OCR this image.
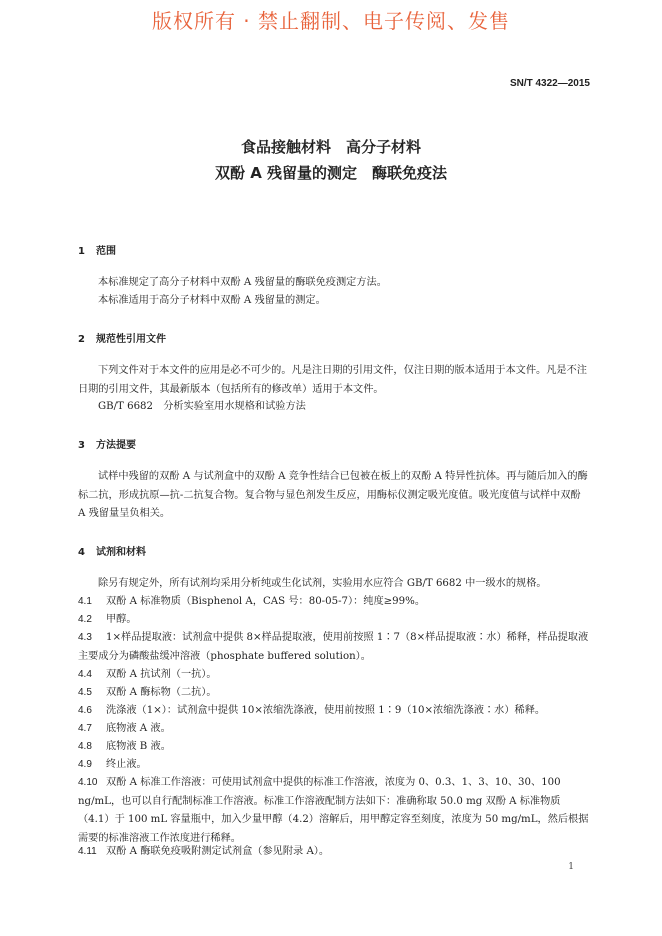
版权所有 · 禁止翻制、电子传阅、发售
SN/T 4322—2015
食品接触材料　高分子材料
双酚 A 残留量的测定　酶联免疫法
1 范围
本标准规定了高分子材料中双酚 A 残留量的酶联免疫测定方法。
本标准适用于高分子材料中双酚 A 残留量的测定。
2 规范性引用文件
下列文件对于本文件的应用是必不可少的。凡是注日期的引用文件，仅注日期的版本适用于本文件。凡是不注日期的引用文件，其最新版本（包括所有的修改单）适用于本文件。
GB/T 6682　分析实验室用水规格和试验方法
3 方法提要
试样中残留的双酚 A 与试剂盒中的双酚 A 竞争性结合已包被在板上的双酚 A 特异性抗体。再与随后加入的酶标二抗，形成抗原—抗-二抗复合物。复合物与显色剂发生反应，用酶标仪测定吸光度值。吸光度值与试样中双酚 A 残留量呈负相关。
4 试剂和材料
除另有规定外，所有试剂均采用分析纯或生化试剂，实验用水应符合 GB/T 6682 中一级水的规格。
4.1 双酚 A 标准物质（Bisphenol A，CAS 号：80-05-7）：纯度≥99%。
4.2 甲醇。
4.3 1×样品提取液：试剂盒中提供 8×样品提取液，使用前按照 1∶7（8×样品提取液∶水）稀释，样品提取液主要成分为磷酸盐缓冲溶液（phosphate buffered solution）。
4.4 双酚 A 抗试剂（一抗）。
4.5 双酚 A 酶标物（二抗）。
4.6 洗涤液（1×）：试剂盒中提供 10×浓缩洗涤液，使用前按照 1∶9（10×浓缩洗涤液∶水）稀释。
4.7 底物液 A 液。
4.8 底物液 B 液。
4.9 终止液。
4.10 双酚 A 标准工作溶液：可使用试剂盒中提供的标准工作溶液，浓度为 0、0.3、1、3、10、30、100 ng/mL，也可以自行配制标准工作溶液。标准工作溶液配制方法如下：准确称取 50.0 mg 双酚 A 标准物质（4.1）于 100 mL 容量瓶中，加入少量甲醇（4.2）溶解后，用甲醇定容至刻度，浓度为 50 mg/mL，然后根据需要的标准溶液工作浓度进行稀释。
4.11 双酚 A 酶联免疫吸附测定试剂盒（参见附录 A）。
1
